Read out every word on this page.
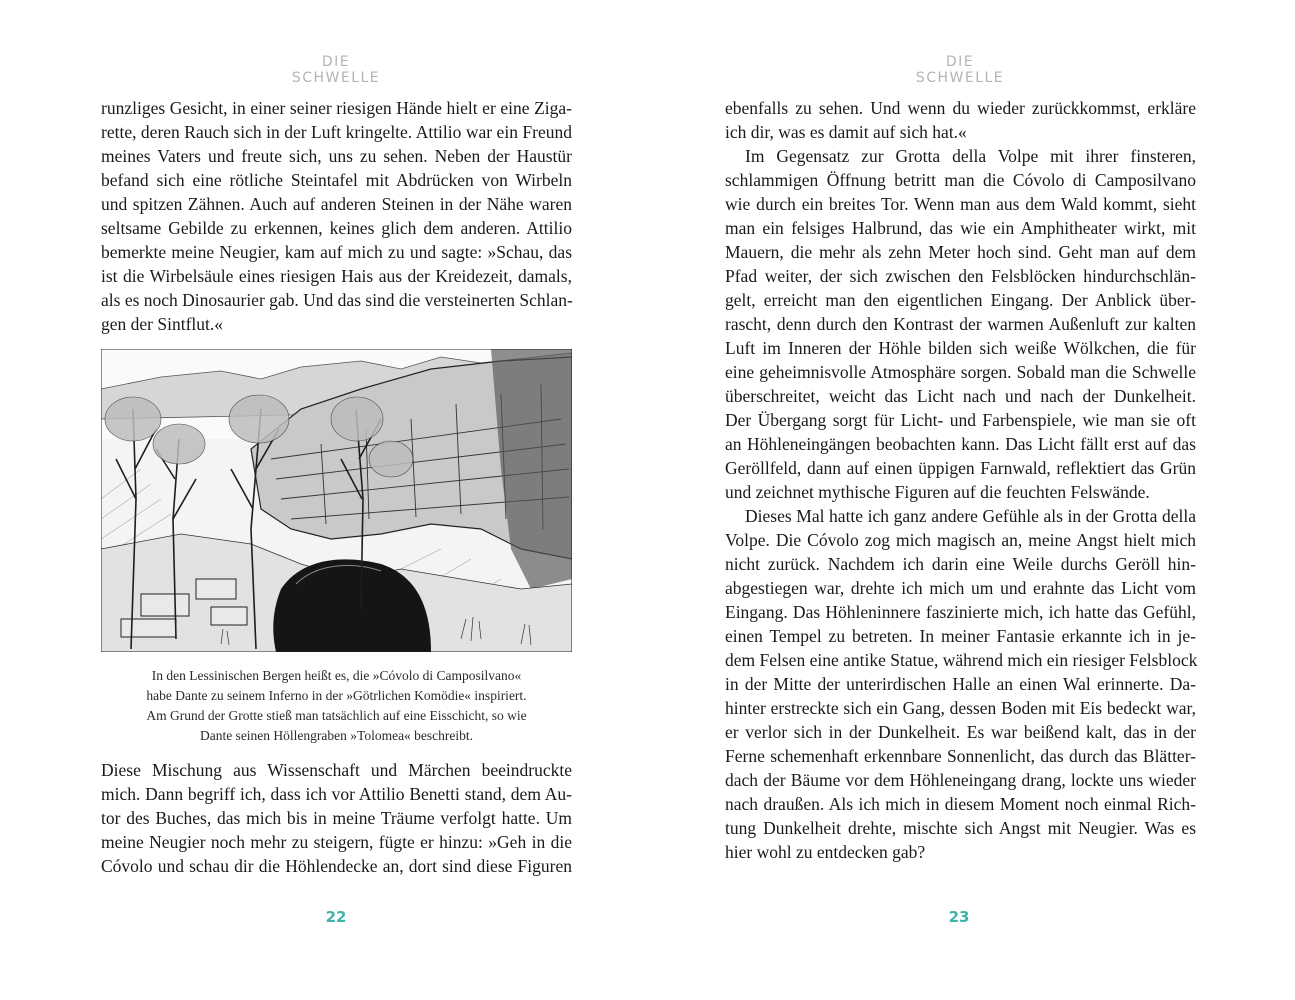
DIE SCHWELLE
runzliges Gesicht, in einer seiner riesigen Hände hielt er eine Ziga-
rette, deren Rauch sich in der Luft kringelte. Attilio war ein Freund
meines Vaters und freute sich, uns zu sehen. Neben der Haustür
befand sich eine rötliche Steintafel mit Abdrücken von Wirbeln
und spitzen Zähnen. Auch auf anderen Steinen in der Nähe waren
seltsame Gebilde zu erkennen, keines glich dem anderen. Attilio
bemerkte meine Neugier, kam auf mich zu und sagte: »Schau, das
ist die Wirbelsäule eines riesigen Hais aus der Kreidezeit, damals,
als es noch Dinosaurier gab. Und das sind die versteinerten Schlan-
gen der Sintflut.«
In den Lessinischen Bergen heißt es, die »Cóvolo di Camposilvano«
habe Dante zu seinem Inferno in der »Götrlichen Komödie« inspiriert.
Am Grund der Grotte stieß man tatsächlich auf eine Eisschicht, so wie
Dante seinen Höllengraben »Tolomea« beschreibt.
Diese Mischung aus Wissenschaft und Märchen beeindruckte
mich. Dann begriff ich, dass ich vor Attilio Benetti stand, dem Au-
tor des Buches, das mich bis in meine Träume verfolgt hatte. Um
meine Neugier noch mehr zu steigern, fügte er hinzu: »Geh in die
Cóvolo und schau dir die Höhlendecke an, dort sind diese Figuren
22
DIE SCHWELLE
ebenfalls zu sehen. Und wenn du wieder zurückkommst, erkläre
ich dir, was es damit auf sich hat.«
Im Gegensatz zur Grotta della Volpe mit ihrer finsteren,
schlammigen Öffnung betritt man die Cóvolo di Camposilvano
wie durch ein breites Tor. Wenn man aus dem Wald kommt, sieht
man ein felsiges Halbrund, das wie ein Amphitheater wirkt, mit
Mauern, die mehr als zehn Meter hoch sind. Geht man auf dem
Pfad weiter, der sich zwischen den Felsblöcken hindurchschlän-
gelt, erreicht man den eigentlichen Eingang. Der Anblick über-
rascht, denn durch den Kontrast der warmen Außenluft zur kalten
Luft im Inneren der Höhle bilden sich weiße Wölkchen, die für
eine geheimnisvolle Atmosphäre sorgen. Sobald man die Schwelle
überschreitet, weicht das Licht nach und nach der Dunkelheit.
Der Übergang sorgt für Licht- und Farbenspiele, wie man sie oft
an Höhleneingängen beobachten kann. Das Licht fällt erst auf das
Geröllfeld, dann auf einen üppigen Farnwald, reflektiert das Grün
und zeichnet mythische Figuren auf die feuchten Felswände.
Dieses Mal hatte ich ganz andere Gefühle als in der Grotta della
Volpe. Die Cóvolo zog mich magisch an, meine Angst hielt mich
nicht zurück. Nachdem ich darin eine Weile durchs Geröll hin-
abgestiegen war, drehte ich mich um und erahnte das Licht vom
Eingang. Das Höhleninnere faszinierte mich, ich hatte das Gefühl,
einen Tempel zu betreten. In meiner Fantasie erkannte ich in je-
dem Felsen eine antike Statue, während mich ein riesiger Felsblock
in der Mitte der unterirdischen Halle an einen Wal erinnerte. Da-
hinter erstreckte sich ein Gang, dessen Boden mit Eis bedeckt war,
er verlor sich in der Dunkelheit. Es war beißend kalt, das in der
Ferne schemenhaft erkennbare Sonnenlicht, das durch das Blätter-
dach der Bäume vor dem Höhleneingang drang, lockte uns wieder
nach draußen. Als ich mich in diesem Moment noch einmal Rich-
tung Dunkelheit drehte, mischte sich Angst mit Neugier. Was es
hier wohl zu entdecken gab?
23
